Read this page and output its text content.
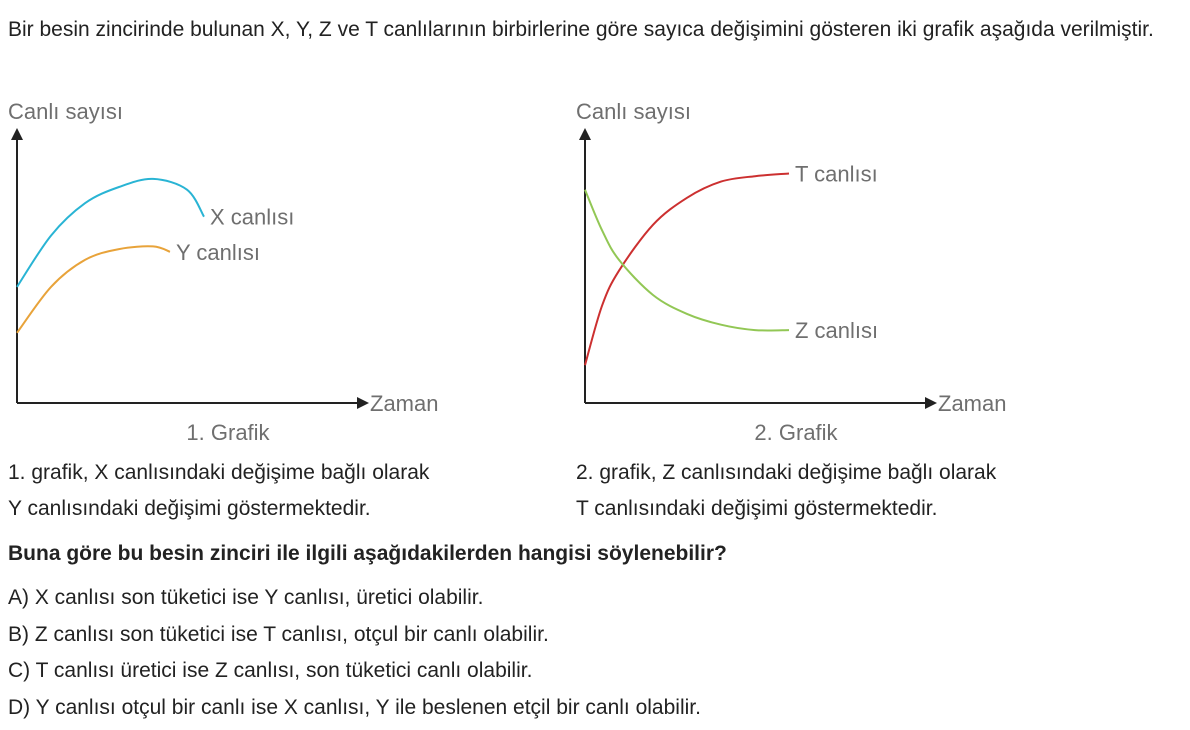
Bir besin zincirinde bulunan X, Y, Z ve T canlılarının birbirlerine göre sayıca değişimini gösteren iki grafik aşağıda verilmiştir.

X canlısı
Y canlısı
Canlı sayısı
Zaman
1. Grafik
T canlısı
Z canlısı
Canlı sayısı
Zaman
2. Grafik

1. grafik, X canlısındaki değişime bağlı olarak
Y canlısındaki değişimi göstermektedir.

2. grafik, Z canlısındaki değişime bağlı olarak
T canlısındaki değişimi göstermektedir.

Buna göre bu besin zinciri ile ilgili aşağıdakilerden hangisi söylenebilir?

A) X canlısı son tüketici ise Y canlısı, üretici olabilir.
B) Z canlısı son tüketici ise T canlısı, otçul bir canlı olabilir.
C) T canlısı üretici ise Z canlısı, son tüketici canlı olabilir.
D) Y canlısı otçul bir canlı ise X canlısı, Y ile beslenen etçil bir canlı olabilir.
